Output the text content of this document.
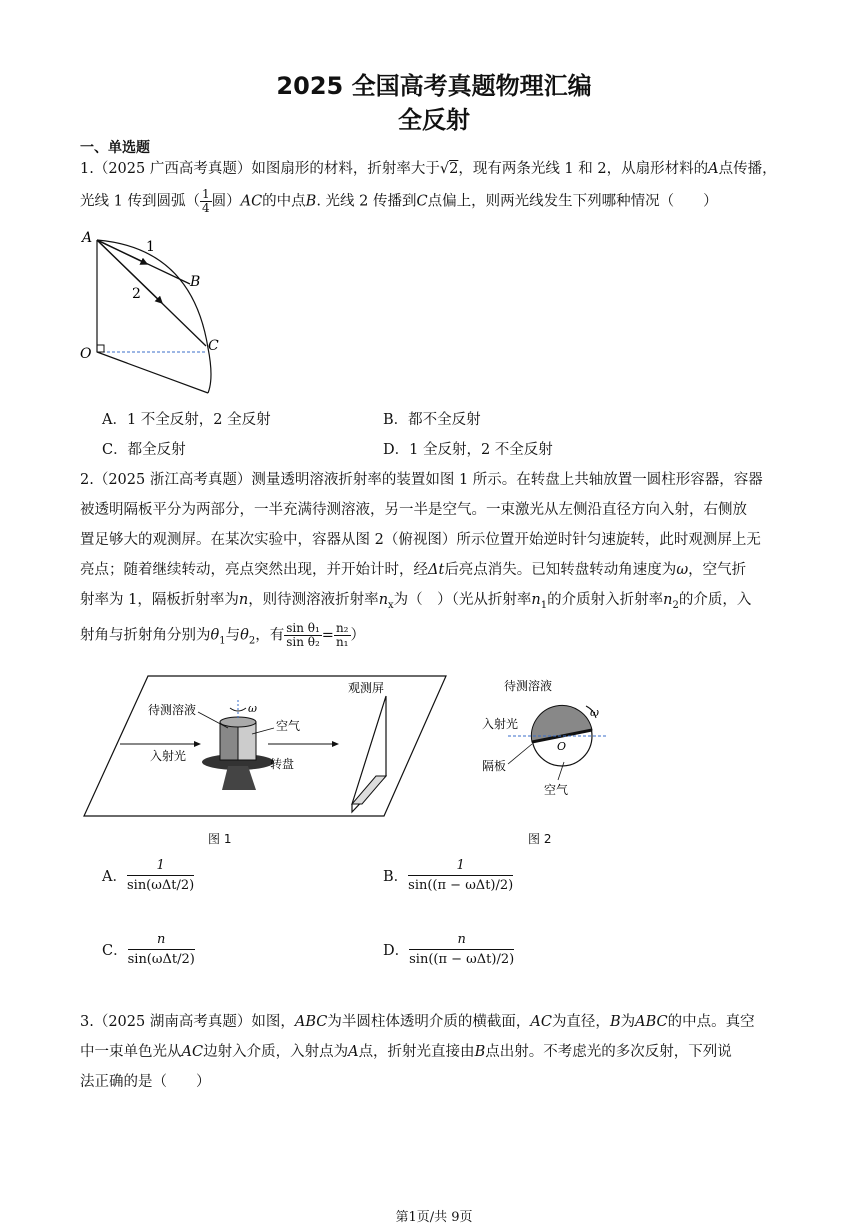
2025 全国高考真题物理汇编
全反射
一、单选题
1.（2025 广西高考真题）如图扇形的材料，折射率大于√2，现有两条光线 1 和 2，从扇形材料的A点传播，
光线 1 传到圆弧（ $\frac{1}{4}$ 圆）AC的中点B. 光线 2 传播到C点偏上，则两光线发生下列哪种情况（　　）
A
B
C
O
1
2
A．1 不全反射，2 全反射	B．都不全反射
C．都全反射	D．1 全反射，2 不全反射
2.（2025 浙江高考真题）测量透明溶液折射率的装置如图 1 所示。在转盘上共轴放置一圆柱形容器，容器
被透明隔板平分为两部分，一半充满待测溶液，另一半是空气。一束激光从左侧沿直径方向入射，右侧放
置足够大的观测屏。在某次实验中，容器从图 2（俯视图）所示位置开始逆时针匀速旋转，此时观测屏上无
亮点；随着继续转动，亮点突然出现，并开始计时，经Δt后亮点消失。已知转盘转动角速度为ω，空气折
射率为 1，隔板折射率为n，则待测溶液折射率$n_x$为（　）（光从折射率$n_1$的介质射入折射率$n_2$的介质，入
射角与折射角分别为$\theta_1$与$\theta_2$，有 $\frac{\text{sin θ₁}}{\text{sin θ₂}} = \frac{\text{n₂}}{\text{n₁}}$ ）
ω
待测溶液
空气
入射光
转盘
观测屏
图 1
ω
O
待测溶液
入射光
隔板
空气
图 2
A． $\frac{1}{\text{sin(ωΔt/2)}}$	B． $\frac{1}{\text{sin((π − ωΔt)/2)}}$
C． $\frac{n}{\text{sin(ωΔt/2)}}$	D． $\frac{n}{\text{sin((π − ωΔt)/2)}}$
3.（2025 湖南高考真题）如图，ABC为半圆柱体透明介质的横截面，AC为直径，B为ABC的中点。真空
中一束单色光从AC边射入介质，入射点为A点，折射光直接由B点出射。不考虑光的多次反射，下列说
法正确的是（　　）
第1页/共 9页
